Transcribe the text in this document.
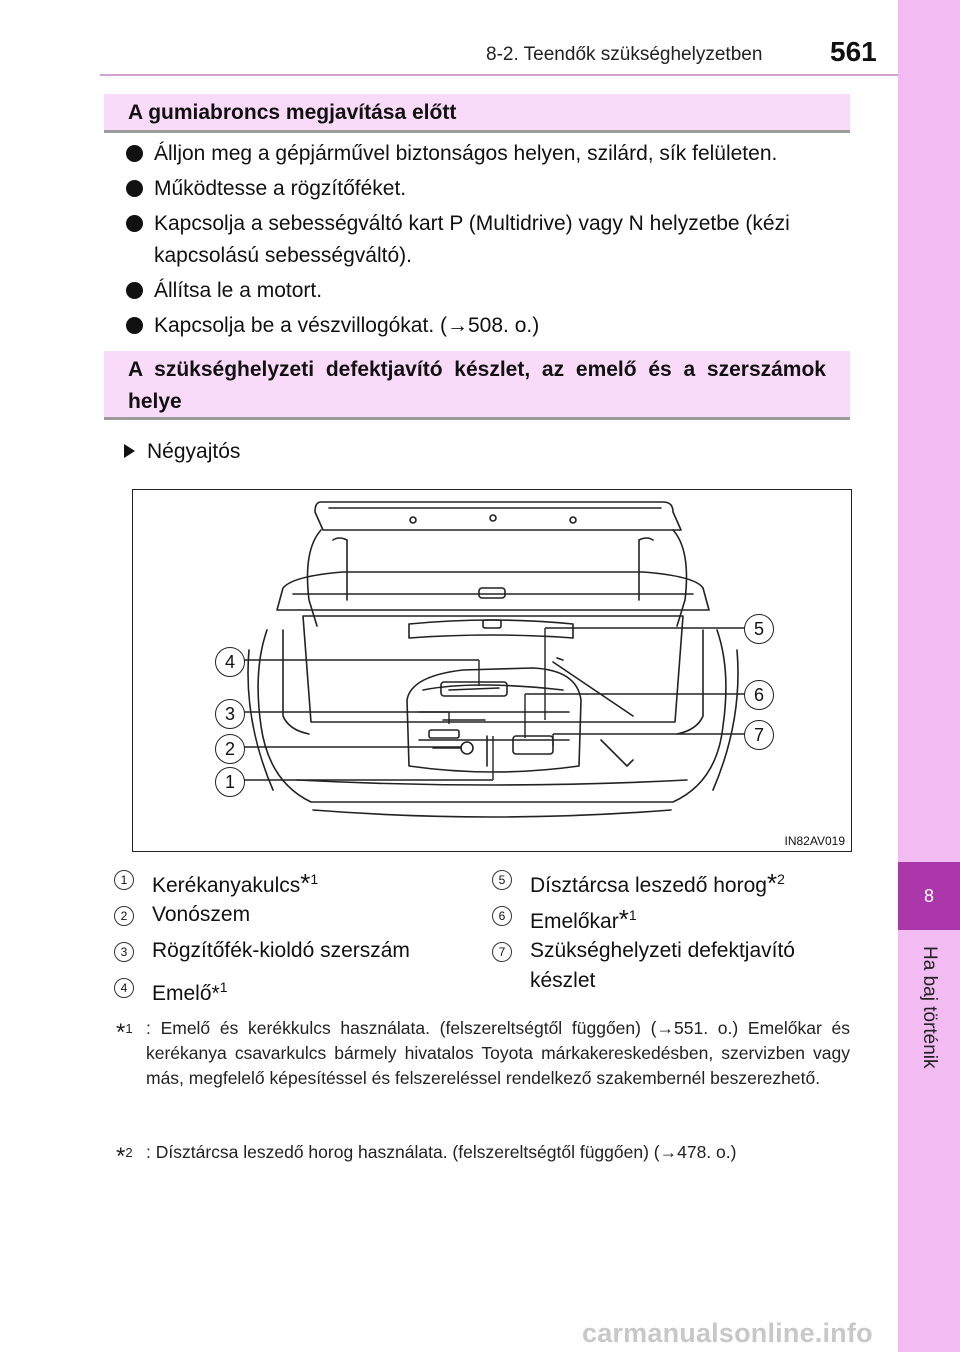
8-2. Teendők szükséghelyzetben 561
8
Ha baj történik
A gumiabroncs megjavítása előtt
Álljon meg a gépjárművel biztonságos helyen, szilárd, sík felületen.
Működtesse a rögzítőféket.
Kapcsolja a sebességváltó kart P (Multidrive) vagy N helyzetbe (kézi kapcsolású sebességváltó).
Állítsa le a motort.
Kapcsolja be a vészvillogókat. (→508. o.)
A szükséghelyzeti defektjavító készlet, az emelő és a szerszámok helye
Négyajtós
4
3
2
1
5
6
7
IN82AV019
1	Kerékanyakulcs*$^1$
2	Vonószem
3	Rögzítőfék-kioldó szerszám
4	Emelő*$^1$
5	Dísztárcsa leszedő horog*$^2$
6	Emelőkar*$^1$
7	Szükséghelyzeti defektjavító készlet
*$^1$ : Emelő és kerékkulcs használata. (felszereltségtől függően) (→551. o.) Emelőkar és kerékanya csavarkulcs bármely hivatalos Toyota márkakereskedésben, szervizben vagy más, megfelelő képesítéssel és felszereléssel rendelkező szakembernél beszerezhető.
*$^2$ : Dísztárcsa leszedő horog használata. (felszereltségtől függően) (→478. o.)
carmanualsonline.info
